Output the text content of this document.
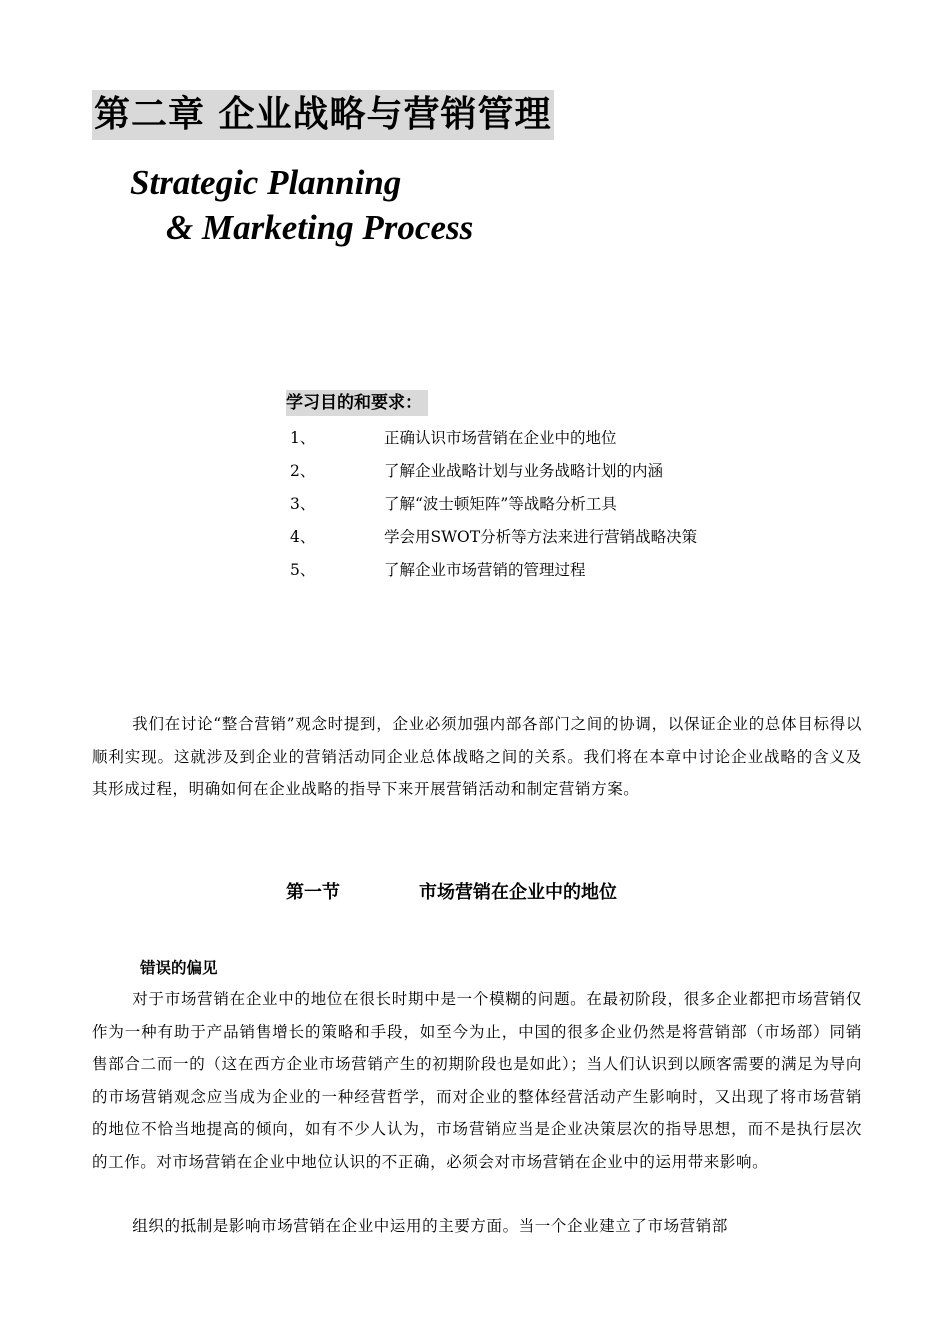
第二章 企业战略与营销管理
Strategic Planning
& Marketing Process
学习目的和要求：
1、	正确认识市场营销在企业中的地位
2、	了解企业战略计划与业务战略计划的内涵
3、	了解“波士顿矩阵”等战略分析工具
4、	学会用SWOT分析等方法来进行营销战略决策
5、	了解企业市场营销的管理过程
我们在讨论“整合营销”观念时提到，企业必须加强内部各部门之间的协调，以保证企业的总体目标得以顺利实现。这就涉及到企业的营销活动同企业总体战略之间的关系。我们将在本章中讨论企业战略的含义及其形成过程，明确如何在企业战略的指导下来开展营销活动和制定营销方案。
第一节	市场营销在企业中的地位
错误的偏见
对于市场营销在企业中的地位在很长时期中是一个模糊的问题。在最初阶段，很多企业都把市场营销仅作为一种有助于产品销售增长的策略和手段，如至今为止，中国的很多企业仍然是将营销部（市场部）同销售部合二而一的（这在西方企业市场营销产生的初期阶段也是如此）；当人们认识到以顾客需要的满足为导向的市场营销观念应当成为企业的一种经营哲学，而对企业的整体经营活动产生影响时，又出现了将市场营销的地位不恰当地提高的倾向，如有不少人认为，市场营销应当是企业决策层次的指导思想，而不是执行层次的工作。对市场营销在企业中地位认识的不正确，必须会对市场营销在企业中的运用带来影响。
组织的抵制是影响市场营销在企业中运用的主要方面。当一个企业建立了市场营销部
